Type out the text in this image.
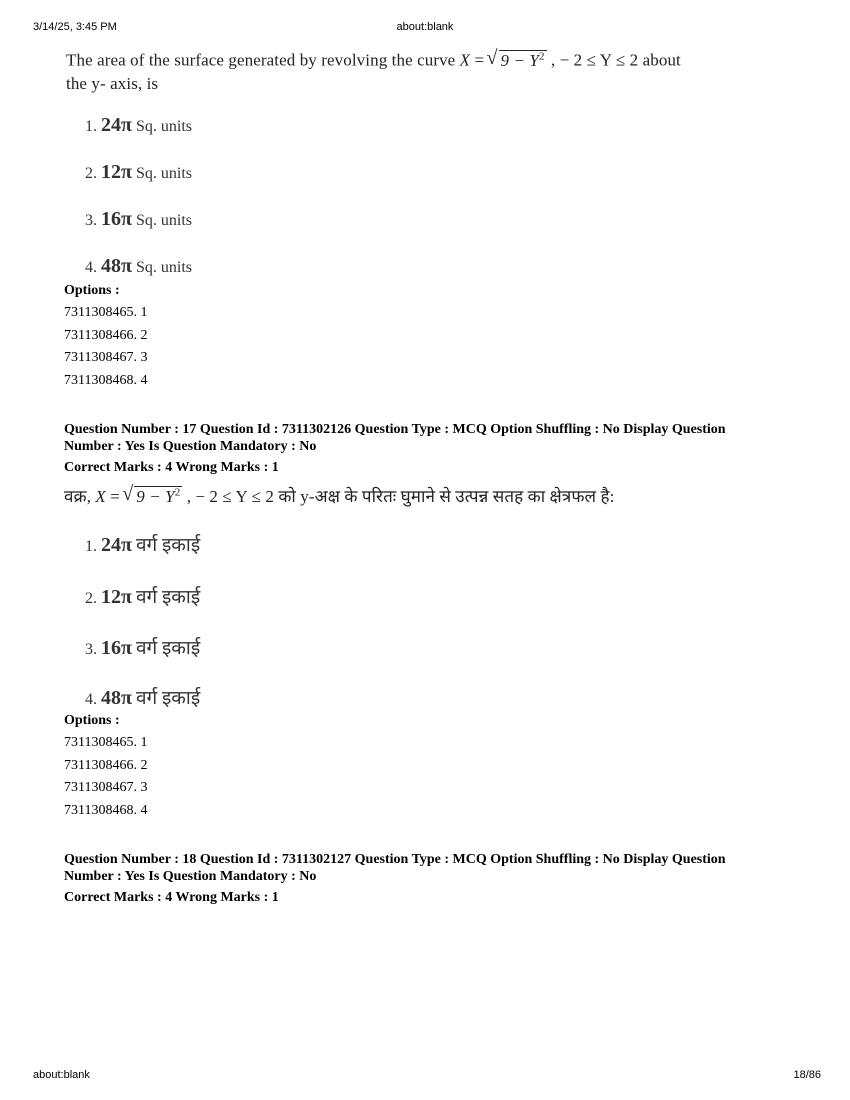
3/14/25, 3:45 PM	about:blank
The area of the surface generated by revolving the curve X = √ $9 - Y^2$ , − 2 ≤ Y ≤ 2 about
the y- axis, is
1. 24π Sq. units
2. 12π Sq. units
3. 16π Sq. units
4. 48π Sq. units
Options :
7311308465. 1
7311308466. 2
7311308467. 3
7311308468. 4
Question Number : 17 Question Id : 7311302126 Question Type : MCQ Option Shuffling : No Display Question
Number : Yes Is Question Mandatory : No
Correct Marks : 4 Wrong Marks : 1
वक्र, X = √ $9 - Y^2$ , − 2 ≤ Y ≤ 2 को y-अक्ष के परितः घुमाने से उत्पन्न सतह का क्षेत्रफल है:
1. 24π वर्ग इकाई
2. 12π वर्ग इकाई
3. 16π वर्ग इकाई
4. 48π वर्ग इकाई
Options :
7311308465. 1
7311308466. 2
7311308467. 3
7311308468. 4
Question Number : 18 Question Id : 7311302127 Question Type : MCQ Option Shuffling : No Display Question
Number : Yes Is Question Mandatory : No
Correct Marks : 4 Wrong Marks : 1
about:blank	18/86
